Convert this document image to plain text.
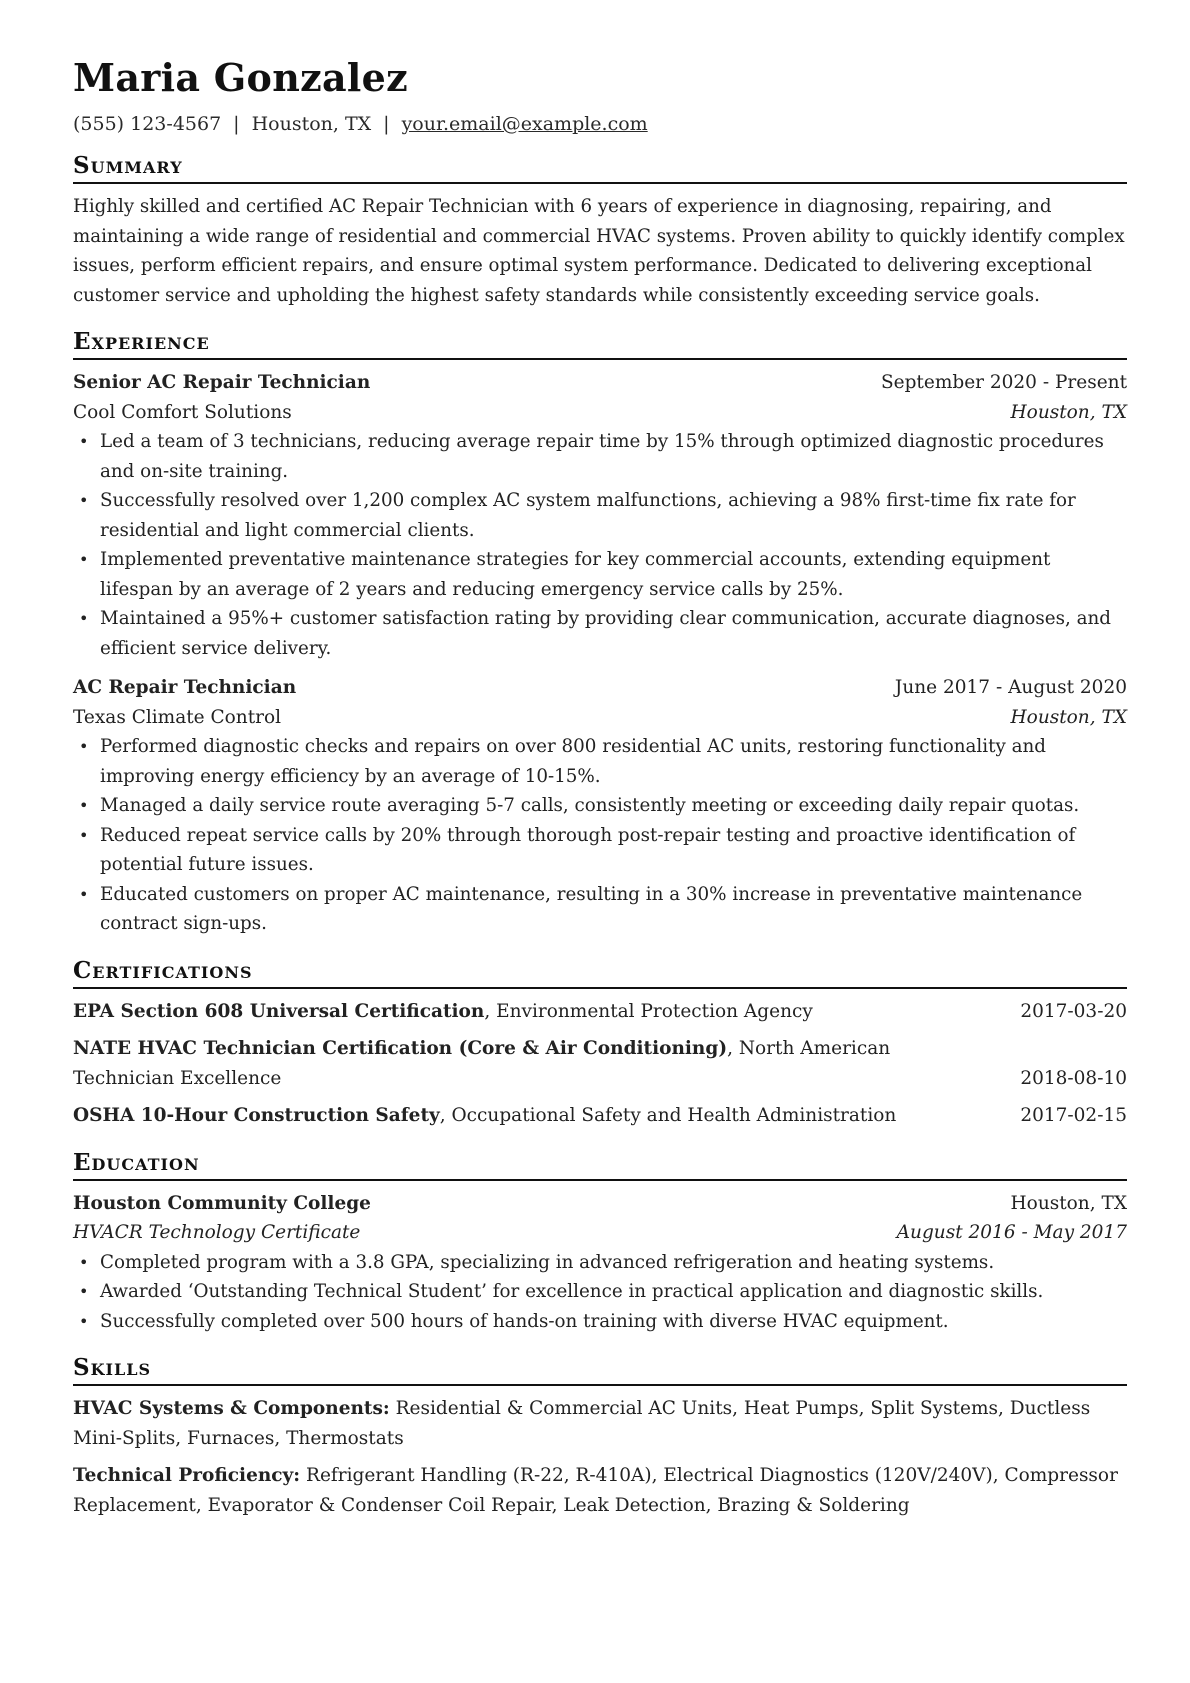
Maria Gonzalez
(555) 123-4567 | Houston, TX | your.email@example.com
Summary
Highly skilled and certified AC Repair Technician with 6 years of experience in diagnosing, repairing, and maintaining a wide range of residential and commercial HVAC systems. Proven ability to quickly identify complex issues, perform efficient repairs, and ensure optimal system performance. Dedicated to delivering exceptional customer service and upholding the highest safety standards while consistently exceeding service goals.
Experience
Senior AC Repair Technician	September 2020 - Present
Cool Comfort Solutions	Houston, TX
• Led a team of 3 technicians, reducing average repair time by 15% through optimized diagnostic procedures and on-site training.
• Successfully resolved over 1,200 complex AC system malfunctions, achieving a 98% first-time fix rate for residential and light commercial clients.
• Implemented preventative maintenance strategies for key commercial accounts, extending equipment lifespan by an average of 2 years and reducing emergency service calls by 25%.
• Maintained a 95%+ customer satisfaction rating by providing clear communication, accurate diagnoses, and efficient service delivery.
AC Repair Technician	June 2017 - August 2020
Texas Climate Control	Houston, TX
• Performed diagnostic checks and repairs on over 800 residential AC units, restoring functionality and improving energy efficiency by an average of 10-15%.
• Managed a daily service route averaging 5-7 calls, consistently meeting or exceeding daily repair quotas.
• Reduced repeat service calls by 20% through thorough post-repair testing and proactive identification of potential future issues.
• Educated customers on proper AC maintenance, resulting in a 30% increase in preventative maintenance contract sign-ups.
Certifications
EPA Section 608 Universal Certification, Environmental Protection Agency	2017-03-20
NATE HVAC Technician Certification (Core & Air Conditioning), North American Technician Excellence	2018-08-10
OSHA 10-Hour Construction Safety, Occupational Safety and Health Administration	2017-02-15
Education
Houston Community College	Houston, TX
HVACR Technology Certificate	August 2016 - May 2017
• Completed program with a 3.8 GPA, specializing in advanced refrigeration and heating systems.
• Awarded ‘Outstanding Technical Student’ for excellence in practical application and diagnostic skills.
• Successfully completed over 500 hours of hands-on training with diverse HVAC equipment.
Skills
HVAC Systems & Components: Residential & Commercial AC Units, Heat Pumps, Split Systems, Ductless Mini-Splits, Furnaces, Thermostats
Technical Proficiency: Refrigerant Handling (R-22, R-410A), Electrical Diagnostics (120V/240V), Compressor Replacement, Evaporator & Condenser Coil Repair, Leak Detection, Brazing & Soldering
